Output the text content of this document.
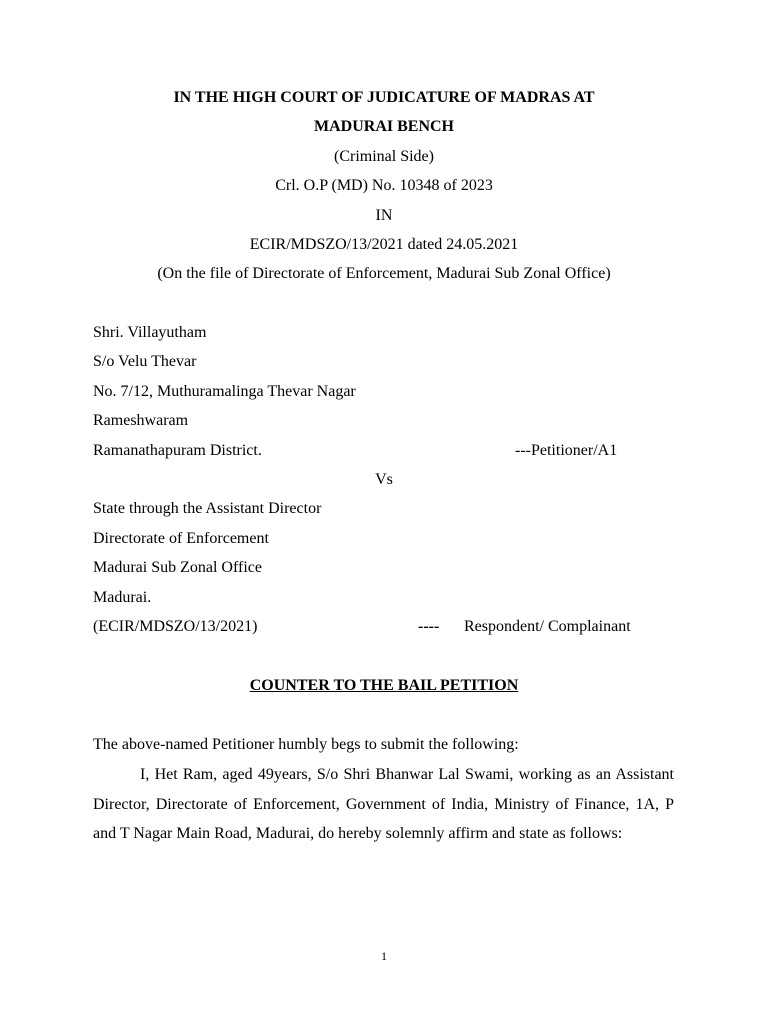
IN THE HIGH COURT OF JUDICATURE OF MADRAS AT
MADURAI BENCH
(Criminal Side)
Crl. O.P (MD) No. 10348 of 2023
IN
ECIR/MDSZO/13/2021 dated 24.05.2021
(On the file of Directorate of Enforcement, Madurai Sub Zonal Office)
Shri. Villayutham
S/o Velu Thevar
No. 7/12, Muthuramalinga Thevar Nagar
Rameshwaram
Ramanathapuram District.	---Petitioner/A1
Vs
State through the Assistant Director
Directorate of Enforcement
Madurai Sub Zonal Office
Madurai.
(ECIR/MDSZO/13/2021)	---- Respondent/ Complainant
COUNTER TO THE BAIL PETITION
The above-named Petitioner humbly begs to submit the following:
I, Het Ram, aged 49years, S/o Shri Bhanwar Lal Swami, working as an Assistant Director, Directorate of Enforcement, Government of India, Ministry of Finance, 1A, P and T Nagar Main Road, Madurai, do hereby solemnly affirm and state as follows:
1
